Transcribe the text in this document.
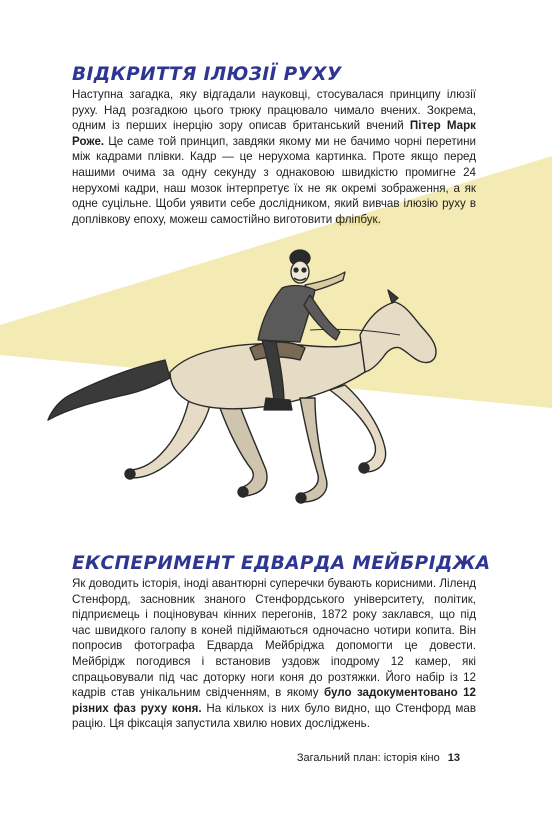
ВІДКРИТТЯ ІЛЮЗІЇ РУХУ

Наступна загадка, яку відгадали науковці, стосувалася принципу ілюзії руху. Над розгадкою цього трюку працювало чимало вчених. Зокрема, одним із перших інерцію зору описав британський вчений Пітер Марк Роже. Це саме той принцип, завдяки якому ми не бачимо чорні перетини між кадрами плівки. Кадр — це нерухома картинка. Проте якщо перед нашими очима за одну секунду з однаковою швидкістю промигне 24 нерухомі кадри, наш мозок інтерпретує їх не як окремі зображення, а як одне суцільне. Щоби уявити себе дослідником, який вивчав ілюзію руху в доплівкову епоху, можеш самостійно виготовити фліпбук.

ЕКСПЕРИМЕНТ ЕДВАРДА МЕЙБРІДЖА

Як доводить історія, іноді авантюрні суперечки бувають корисними. Ліленд Стенфорд, засновник знаного Стенфордського університету, політик, підприємець і поціновувач кінних перегонів, 1872 року заклався, що під час швидкого галопу в коней підіймаються одночасно чотири копита. Він попросив фотографа Едварда Мейбріджа допомогти це довести. Мейбрідж погодився і встановив уздовж іподрому 12 камер, які спрацьовували під час доторку ноги коня до розтяжки. Його набір із 12 кадрів став унікальним свідченням, в якому було задокументовано 12 різних фаз руху коня. На кількох із них було видно, що Стенфорд мав рацію. Ця фіксація запустила хвилю нових досліджень.

Загальний план: історія кіно 13
